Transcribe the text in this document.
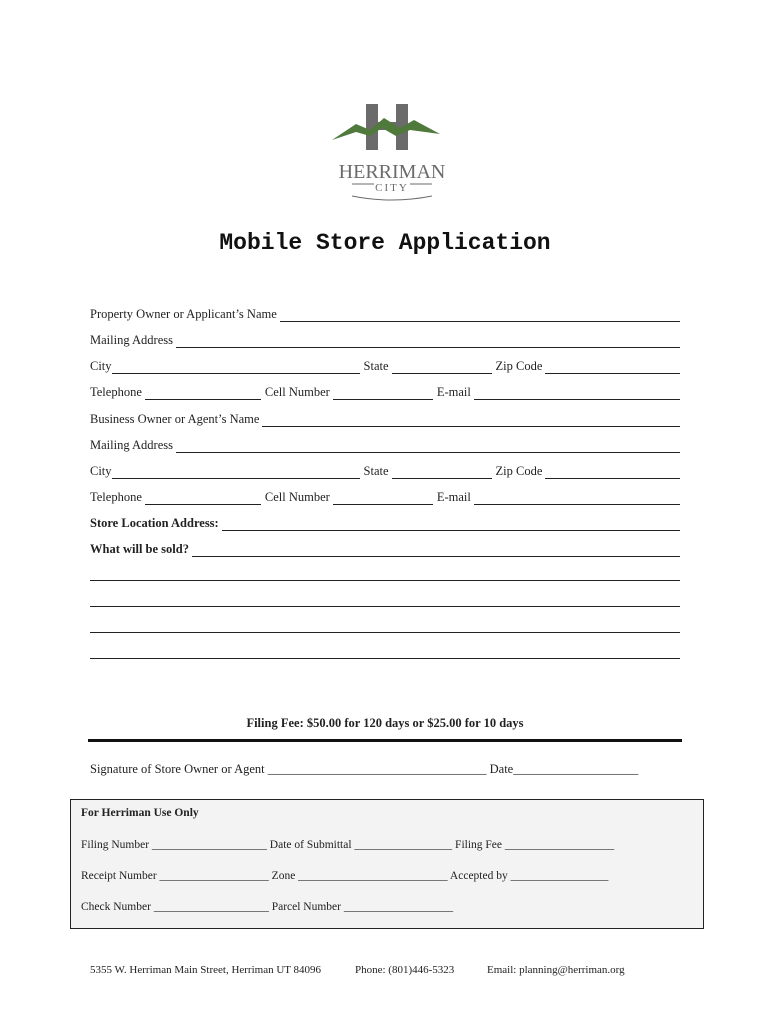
HERRIMAN
CITY
Mobile Store Application
Property Owner or Applicant’s Name
Mailing Address
City	State	Zip Code
Telephone	Cell Number	E-mail
Business Owner or Agent’s Name
Mailing Address
City	State	Zip Code
Telephone	Cell Number	E-mail
Store Location Address:
What will be sold?
Filing Fee: $50.00 for 120 days or $25.00 for 10 days
Signature of Store Owner or Agent ___________________________________ Date____________________
For Herriman Use Only
Filing Number ____________________ Date of Submittal _________________ Filing Fee ___________________
Receipt Number ___________________ Zone __________________________ Accepted by _________________
Check Number ____________________ Parcel Number ___________________
5355 W. Herriman Main Street, Herriman UT 84096	Phone: (801)446-5323	Email: planning@herriman.org
